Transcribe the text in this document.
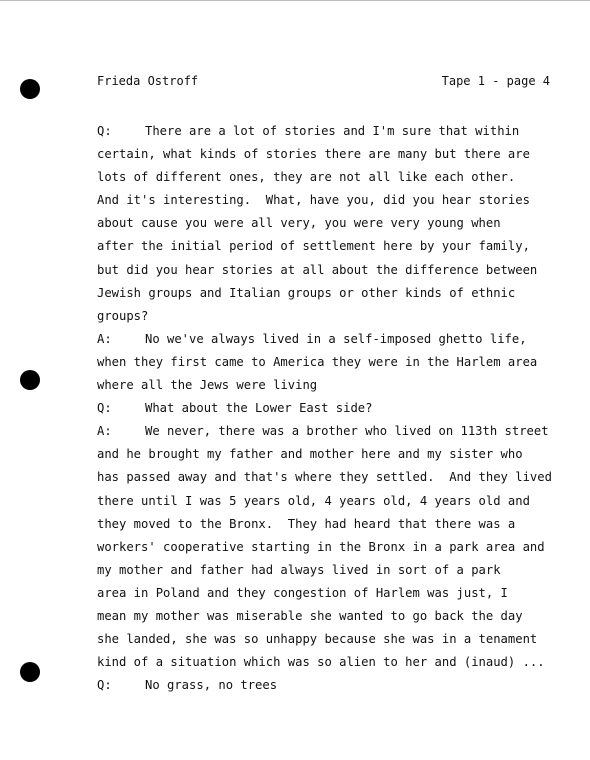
Frieda Ostroff	Tape 1 - page 4
Q:	There are a lot of stories and I'm sure that within
certain, what kinds of stories there are many but there are
lots of different ones, they are not all like each other.
And it's interesting.  What, have you, did you hear stories
about cause you were all very, you were very young when
after the initial period of settlement here by your family,
but did you hear stories at all about the difference between
Jewish groups and Italian groups or other kinds of ethnic
groups?
A:	No we've always lived in a self-imposed ghetto life,
when they first came to America they were in the Harlem area
where all the Jews were living
Q:	What about the Lower East side?
A:	We never, there was a brother who lived on 113th street
and he brought my father and mother here and my sister who
has passed away and that's where they settled.  And they lived
there until I was 5 years old, 4 years old, 4 years old and
they moved to the Bronx.  They had heard that there was a
workers' cooperative starting in the Bronx in a park area and
my mother and father had always lived in sort of a park
area in Poland and they congestion of Harlem was just, I
mean my mother was miserable she wanted to go back the day
she landed, she was so unhappy because she was in a tenament
kind of a situation which was so alien to her and (inaud) ...
Q:	No grass, no trees
